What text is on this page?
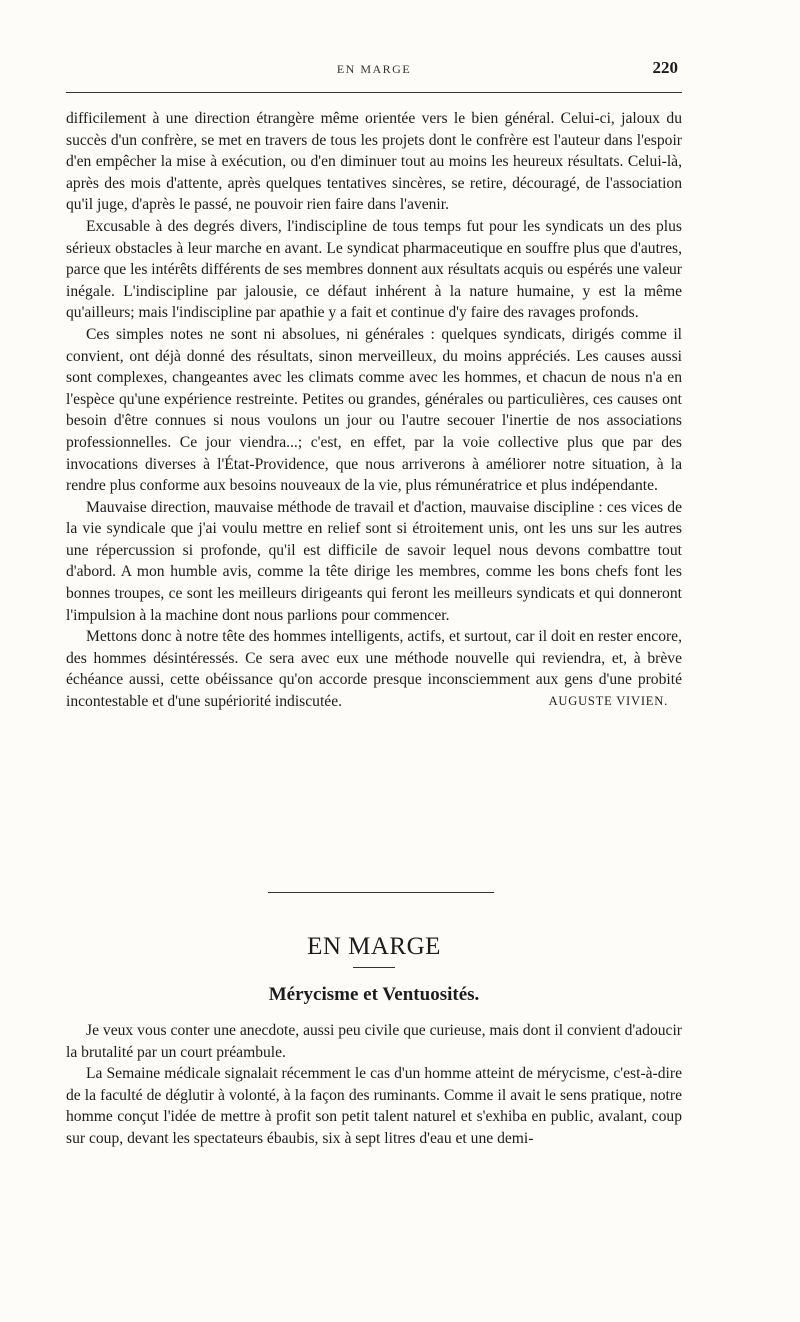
EN MARGE	220

difficilement à une direction étrangère même orientée vers le bien général. Celui-ci, jaloux du succès d'un confrère, se met en travers de tous les projets dont le confrère est l'auteur dans l'espoir d'en empêcher la mise à exécution, ou d'en diminuer tout au moins les heureux résultats. Celui-là, après des mois d'attente, après quelques tentatives sincères, se retire, découragé, de l'association qu'il juge, d'après le passé, ne pouvoir rien faire dans l'avenir.

Excusable à des degrés divers, l'indiscipline de tous temps fut pour les syndicats un des plus sérieux obstacles à leur marche en avant. Le syndicat pharmaceutique en souffre plus que d'autres, parce que les intérêts différents de ses membres donnent aux résultats acquis ou espérés une valeur inégale. L'indiscipline par jalousie, ce défaut inhérent à la nature humaine, y est la même qu'ailleurs; mais l'indiscipline par apathie y a fait et continue d'y faire des ravages profonds.

Ces simples notes ne sont ni absolues, ni générales : quelques syndicats, dirigés comme il convient, ont déjà donné des résultats, sinon merveilleux, du moins appréciés. Les causes aussi sont complexes, changeantes avec les climats comme avec les hommes, et chacun de nous n'a en l'espèce qu'une expérience restreinte. Petites ou grandes, générales ou particulières, ces causes ont besoin d'être connues si nous voulons un jour ou l'autre secouer l'inertie de nos associations professionnelles. Ce jour viendra...; c'est, en effet, par la voie collective plus que par des invocations diverses à l'État-Providence, que nous arriverons à améliorer notre situation, à la rendre plus conforme aux besoins nouveaux de la vie, plus rémunératrice et plus indépendante.

Mauvaise direction, mauvaise méthode de travail et d'action, mauvaise discipline : ces vices de la vie syndicale que j'ai voulu mettre en relief sont si étroitement unis, ont les uns sur les autres une répercussion si profonde, qu'il est difficile de savoir lequel nous devons combattre tout d'abord. A mon humble avis, comme la tête dirige les membres, comme les bons chefs font les bonnes troupes, ce sont les meilleurs dirigeants qui feront les meilleurs syndicats et qui donneront l'impulsion à la machine dont nous parlions pour commencer.

Mettons donc à notre tête des hommes intelligents, actifs, et surtout, car il doit en rester encore, des hommes désintéressés. Ce sera avec eux une méthode nouvelle qui reviendra, et, à brève échéance aussi, cette obéissance qu'on accorde presque inconsciemment aux gens d'une probité incontestable et d'une supériorité indiscutée.	AUGUSTE VIVIEN.
EN MARGE
Mérycisme et Ventuosités.

Je veux vous conter une anecdote, aussi peu civile que curieuse, mais dont il convient d'adoucir la brutalité par un court préambule.

La Semaine médicale signalait récemment le cas d'un homme atteint de mérycisme, c'est-à-dire de la faculté de déglutir à volonté, à la façon des ruminants. Comme il avait le sens pratique, notre homme conçut l'idée de mettre à profit son petit talent naturel et s'exhiba en public, avalant, coup sur coup, devant les spectateurs ébaubis, six à sept litres d'eau et une demi-
